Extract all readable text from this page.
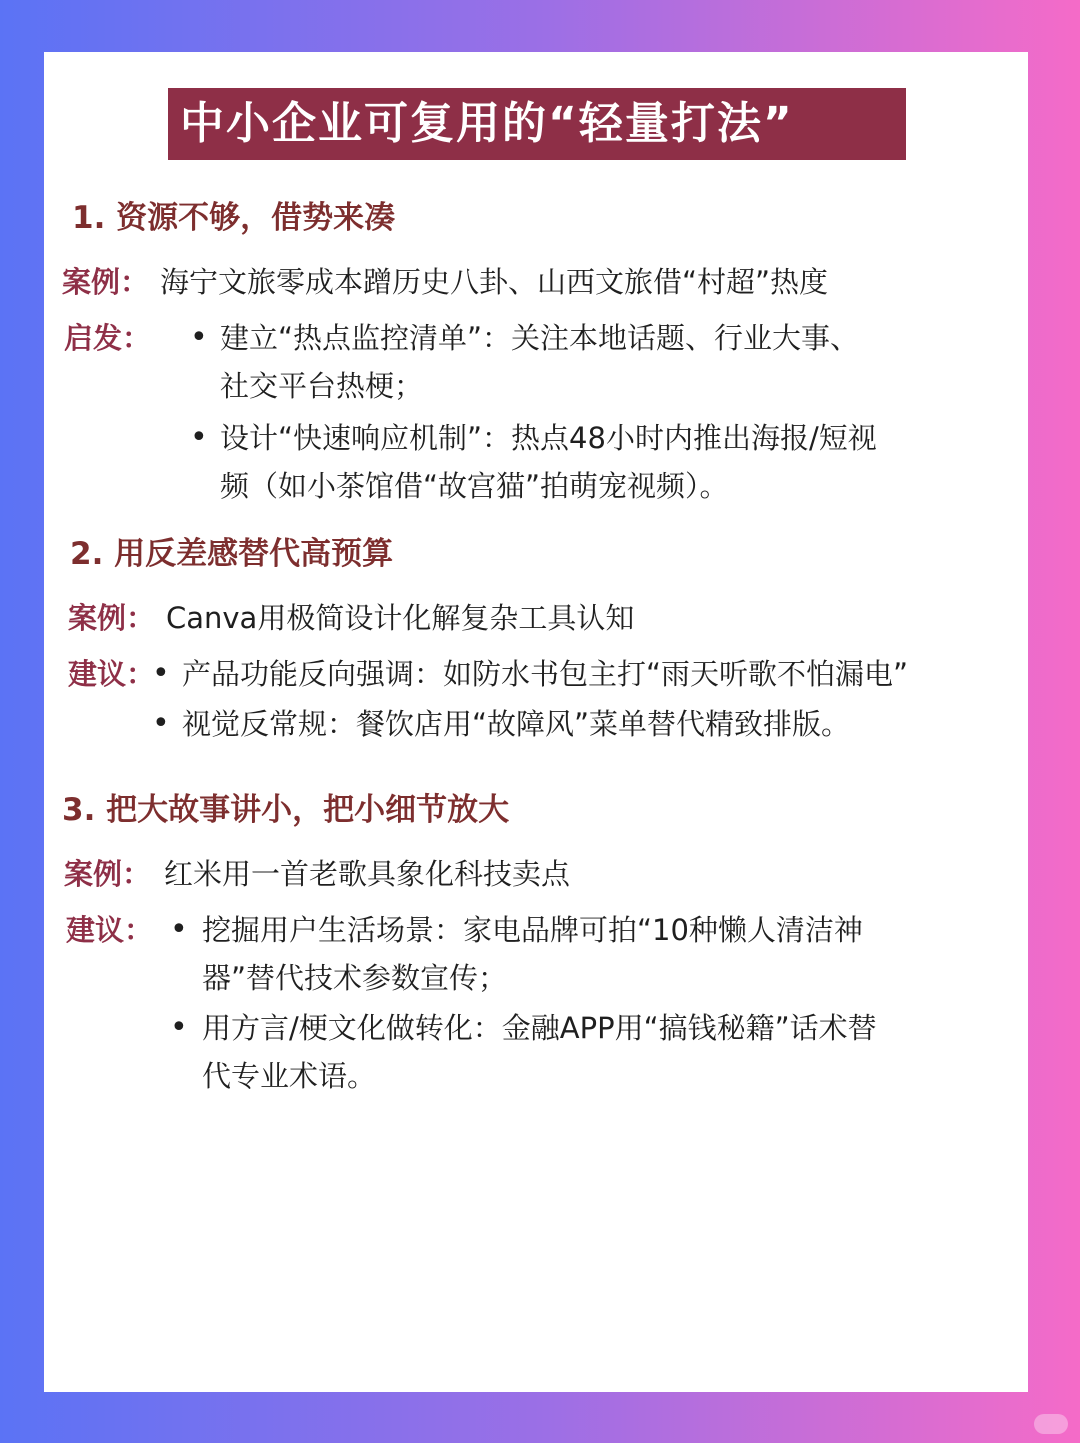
中小企业可复用的“轻量打法”
1. 资源不够，借势来凑
案例： 海宁文旅零成本蹭历史八卦、山西文旅借“村超”热度
启发： • 建立“热点监控清单”：关注本地话题、行业大事、
社交平台热梗；
• 设计“快速响应机制”：热点48小时内推出海报/短视
频（如小茶馆借“故宫猫”拍萌宠视频）。
2. 用反差感替代高预算
案例： Canva用极简设计化解复杂工具认知
建议：
• 产品功能反向强调：如防水书包主打“雨天听歌不怕漏电”
• 视觉反常规：餐饮店用“故障风”菜单替代精致排版。
3. 把大故事讲小，把小细节放大
案例： 红米用一首老歌具象化科技卖点
建议： • 挖掘用户生活场景：家电品牌可拍“10种懒人清洁神
器”替代技术参数宣传；
• 用方言/梗文化做转化：金融APP用“搞钱秘籍”话术替
代专业术语。
